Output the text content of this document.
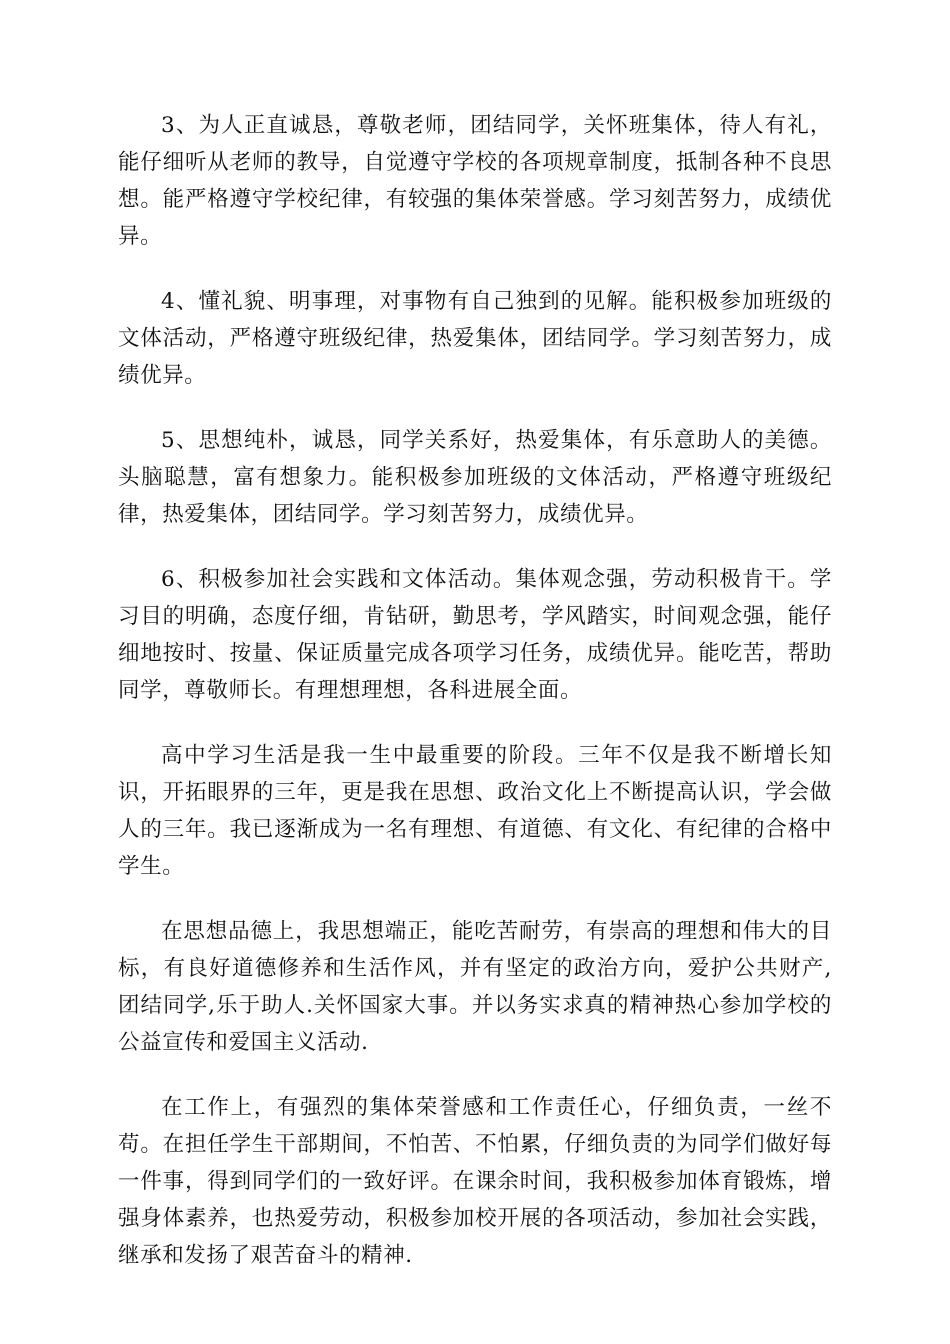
3、为人正直诚恳，尊敬老师，团结同学，关怀班集体，待人有礼，能仔细听从老师的教导，自觉遵守学校的各项规章制度，抵制各种不良思想。能严格遵守学校纪律，有较强的集体荣誉感。学习刻苦努力，成绩优异。

4、懂礼貌、明事理，对事物有自己独到的见解。能积极参加班级的文体活动，严格遵守班级纪律，热爱集体，团结同学。学习刻苦努力，成绩优异。

5、思想纯朴，诚恳，同学关系好，热爱集体，有乐意助人的美德。头脑聪慧，富有想象力。能积极参加班级的文体活动，严格遵守班级纪律，热爱集体，团结同学。学习刻苦努力，成绩优异。

6、积极参加社会实践和文体活动。集体观念强，劳动积极肯干。学习目的明确，态度仔细，肯钻研，勤思考，学风踏实，时间观念强，能仔细地按时、按量、保证质量完成各项学习任务，成绩优异。能吃苦，帮助同学，尊敬师长。有理想理想，各科进展全面。

高中学习生活是我一生中最重要的阶段。三年不仅是我不断增长知识，开拓眼界的三年，更是我在思想、政治文化上不断提高认识，学会做人的三年。我已逐渐成为一名有理想、有道德、有文化、有纪律的合格中学生。

在思想品德上，我思想端正，能吃苦耐劳，有崇高的理想和伟大的目标，有良好道德修养和生活作风，并有坚定的政治方向，爱护公共财产,团结同学,乐于助人.关怀国家大事。并以务实求真的精神热心参加学校的公益宣传和爱国主义活动.

在工作上，有强烈的集体荣誉感和工作责任心，仔细负责，一丝不苟。在担任学生干部期间，不怕苦、不怕累，仔细负责的为同学们做好每一件事，得到同学们的一致好评。在课余时间，我积极参加体育锻炼，增强身体素养，也热爱劳动，积极参加校开展的各项活动，参加社会实践，继承和发扬了艰苦奋斗的精神.
